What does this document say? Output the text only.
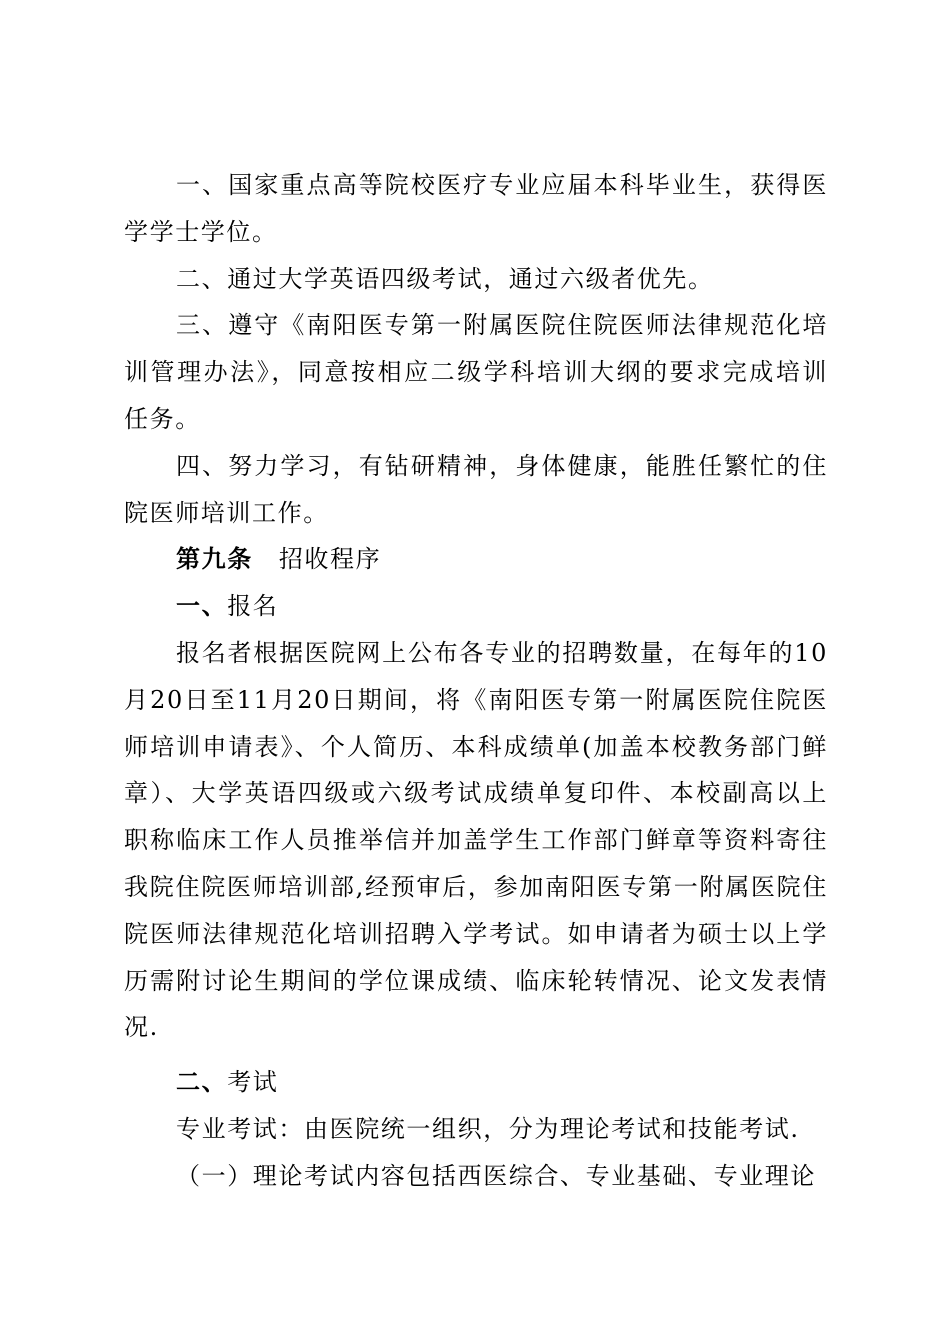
一、国家重点高等院校医疗专业应届本科毕业生，获得医学学士学位。

二、通过大学英语四级考试，通过六级者优先。

三、遵守《南阳医专第一附属医院住院医师法律规范化培训管理办法》，同意按相应二级学科培训大纲的要求完成培训任务。

四、努力学习，有钻研精神，身体健康，能胜任繁忙的住院医师培训工作。

第九条 招收程序

一、报名

报名者根据医院网上公布各专业的招聘数量，在每年的10月20日至11月20日期间，将《南阳医专第一附属医院住院医师培训申请表》、个人简历、本科成绩单(加盖本校教务部门鲜章）、大学英语四级或六级考试成绩单复印件、本校副高以上职称临床工作人员推举信并加盖学生工作部门鲜章等资料寄往我院住院医师培训部,经预审后，参加南阳医专第一附属医院住院医师法律规范化培训招聘入学考试。如申请者为硕士以上学历需附讨论生期间的学位课成绩、临床轮转情况、论文发表情况.

二、考试

专业考试：由医院统一组织，分为理论考试和技能考试.

（一）理论考试内容包括西医综合、专业基础、专业理论
